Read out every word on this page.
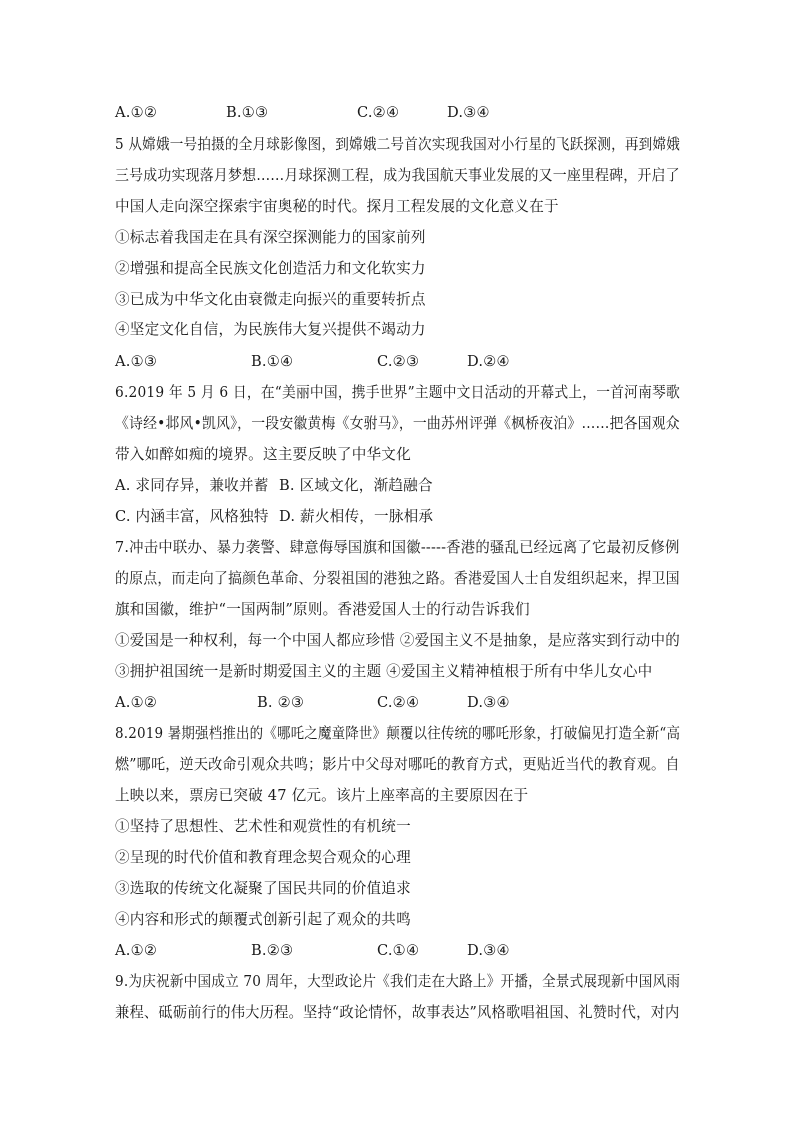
A.①②	B.①③	C.②④	D.③④
5 从嫦娥一号拍摄的全月球影像图，到嫦娥二号首次实现我国对小行星的飞跃探测，再到嫦娥
三号成功实现落月梦想……月球探测工程，成为我国航天事业发展的又一座里程碑，开启了
中国人走向深空探索宇宙奥秘的时代。探月工程发展的文化意义在于
①标志着我国走在具有深空探测能力的国家前列
②增强和提高全民族文化创造活力和文化软实力
③已成为中华文化由衰微走向振兴的重要转折点
④坚定文化自信，为民族伟大复兴提供不竭动力
A.①③	B.①④	C.②③	D.②④
6.2019 年 5 月 6 日，在“美丽中国，携手世界”主题中文日活动的开幕式上，一首河南琴歌
《诗经•邶风•凯风》，一段安徽黄梅《女驸马》，一曲苏州评弹《枫桥夜泊》……把各国观众
带入如醉如痴的境界。这主要反映了中华文化
A. 求同存异，兼收并蓄 B. 区域文化，渐趋融合
C. 内涵丰富，风格独特 D. 薪火相传，一脉相承
7.冲击中联办、暴力袭警、肆意侮辱国旗和国徽-----香港的骚乱已经远离了它最初反修例
的原点，而走向了搞颜色革命、分裂祖国的港独之路。香港爱国人士自发组织起来，捍卫国
旗和国徽，维护“一国两制”原则。香港爱国人士的行动告诉我们
①爱国是一种权利，每一个中国人都应珍惜 ②爱国主义不是抽象，是应落实到行动中的
③拥护祖国统一是新时期爱国主义的主题 ④爱国主义精神植根于所有中华儿女心中
A.①②	B. ②③	C.②④	D.③④
8.2019 暑期强档推出的《哪吒之魔童降世》颠覆以往传统的哪吒形象，打破偏见打造全新“高
燃”哪吒，逆天改命引观众共鸣；影片中父母对哪吒的教育方式，更贴近当代的教育观。自
上映以来，票房已突破 47 亿元。该片上座率高的主要原因在于
①坚持了思想性、艺术性和观赏性的有机统一
②呈现的时代价值和教育理念契合观众的心理
③选取的传统文化凝聚了国民共同的价值追求
④内容和形式的颠覆式创新引起了观众的共鸣
A.①②	B.②③	C.①④	D.③④
9.为庆祝新中国成立 70 周年，大型政论片《我们走在大路上》开播，全景式展现新中国风雨
兼程、砥砺前行的伟大历程。坚持“政论情怀，故事表达”风格歌唱祖国、礼赞时代，对内
